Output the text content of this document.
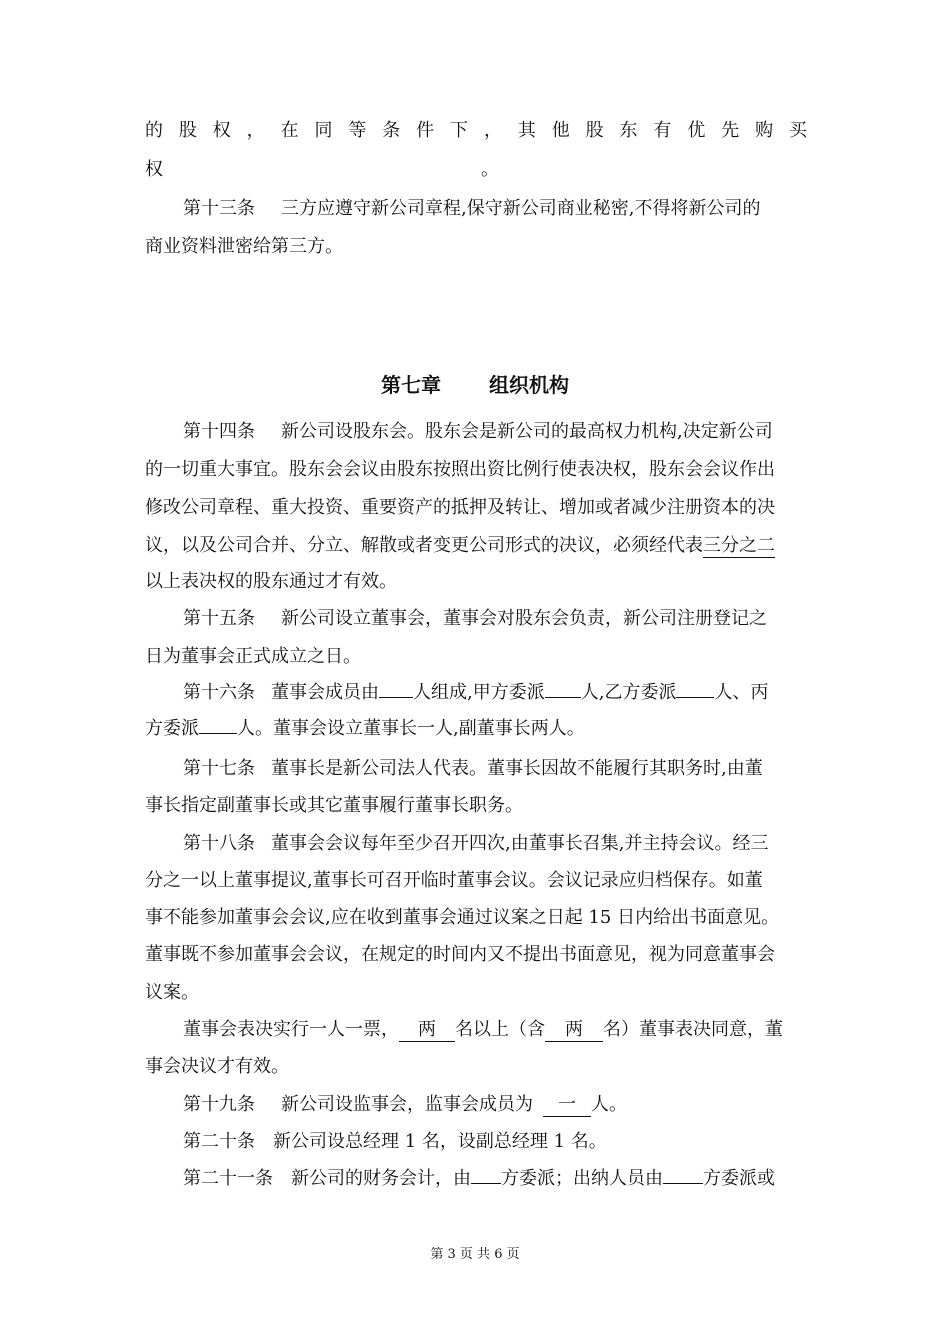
的股权，在同等条件下，其他股东有优先购买
权	。
第十三条 三方应遵守新公司章程,保守新公司商业秘密,不得将新公司的
商业资料泄密给第三方。
第七章 组织机构
第十四条 新公司设股东会。股东会是新公司的最高权力机构,决定新公司
的一切重大事宜。股东会会议由股东按照出资比例行使表决权，股东会会议作出
修改公司章程、重大投资、重要资产的抵押及转让、增加或者减少注册资本的决
议，以及公司合并、分立、解散或者变更公司形式的决议，必须经代表三分之二
以上表决权的股东通过才有效。
第十五条 新公司设立董事会，董事会对股东会负责，新公司注册登记之
日为董事会正式成立之日。
第十六条 董事会成员由 人组成,甲方委派 人,乙方委派 人、丙
方委派 人。董事会设立董事长一人,副董事长两人。
第十七条 董事长是新公司法人代表。董事长因故不能履行其职务时,由董
事长指定副董事长或其它董事履行董事长职务。
第十八条 董事会会议每年至少召开四次,由董事长召集,并主持会议。经三
分之一以上董事提议,董事长可召开临时董事会议。会议记录应归档保存。如董
事不能参加董事会会议,应在收到董事会通过议案之日起 15 日内给出书面意见。
董事既不参加董事会会议，在规定的时间内又不提出书面意见，视为同意董事会
议案。
董事会表决实行一人一票， 两 名以上（含 两 名）董事表决同意，董
事会决议才有效。
第十九条 新公司设监事会，监事会成员为 一 人。
第二十条 新公司设总经理 1 名，设副总经理 1 名。
第二十一条 新公司的财务会计，由 方委派；出纳人员由 方委派或
第 3 页 共 6 页
